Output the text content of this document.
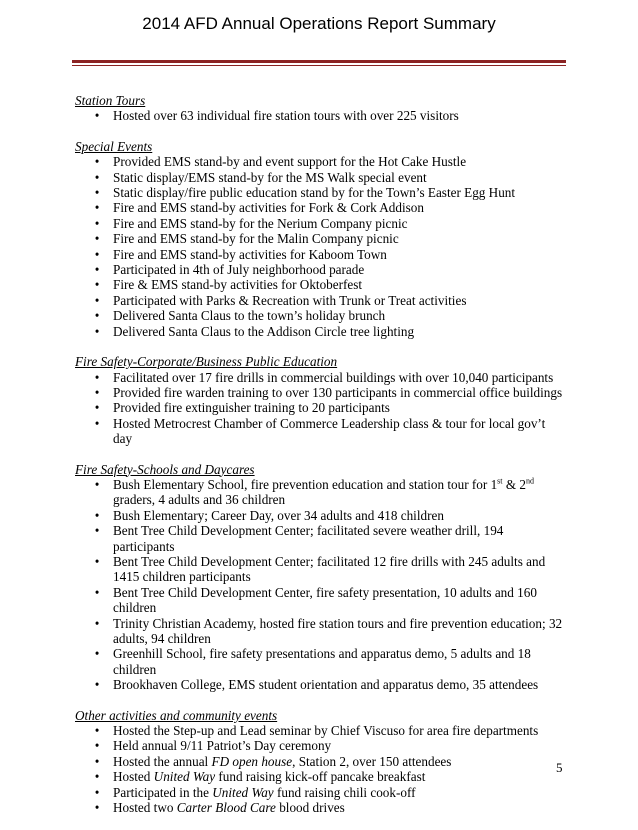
2014 AFD Annual Operations Report Summary

Station Tours

• Hosted over 63 individual fire station tours with over 225 visitors

Special Events

• Provided EMS stand-by and event support for the Hot Cake Hustle
• Static display/EMS stand-by for the MS Walk special event
• Static display/fire public education stand by for the Town’s Easter Egg Hunt
• Fire and EMS stand-by activities for Fork & Cork Addison
• Fire and EMS stand-by for the Nerium Company picnic
• Fire and EMS stand-by for the Malin Company picnic
• Fire and EMS stand-by activities for Kaboom Town
• Participated in 4th of July neighborhood parade
• Fire & EMS stand-by activities for Oktoberfest
• Participated with Parks & Recreation with Trunk or Treat activities
• Delivered Santa Claus to the town’s holiday brunch
• Delivered Santa Claus to the Addison Circle tree lighting

Fire Safety-Corporate/Business Public Education

• Facilitated over 17 fire drills in commercial buildings with over 10,040 participants
• Provided fire warden training to over 130 participants in commercial office buildings
• Provided fire extinguisher training to 20 participants
• Hosted Metrocrest Chamber of Commerce Leadership class & tour for local gov’t day

Fire Safety-Schools and Daycares

• Bush Elementary School, fire prevention education and station tour for 1st & 2nd graders, 4 adults and 36 children
• Bush Elementary; Career Day, over 34 adults and 418 children
• Bent Tree Child Development Center; facilitated severe weather drill, 194 participants
• Bent Tree Child Development Center; facilitated 12 fire drills with 245 adults and 1415 children participants
• Bent Tree Child Development Center, fire safety presentation, 10 adults and 160 children
• Trinity Christian Academy, hosted fire station tours and fire prevention education; 32 adults, 94 children
• Greenhill School, fire safety presentations and apparatus demo, 5 adults and 18 children
• Brookhaven College, EMS student orientation and apparatus demo, 35 attendees

Other activities and community events

• Hosted the Step-up and Lead seminar by Chief Viscuso for area fire departments
• Held annual 9/11 Patriot’s Day ceremony
• Hosted the annual FD open house, Station 2, over 150 attendees
• Hosted United Way fund raising kick-off pancake breakfast
• Participated in the United Way fund raising chili cook-off
• Hosted two Carter Blood Care blood drives
5
